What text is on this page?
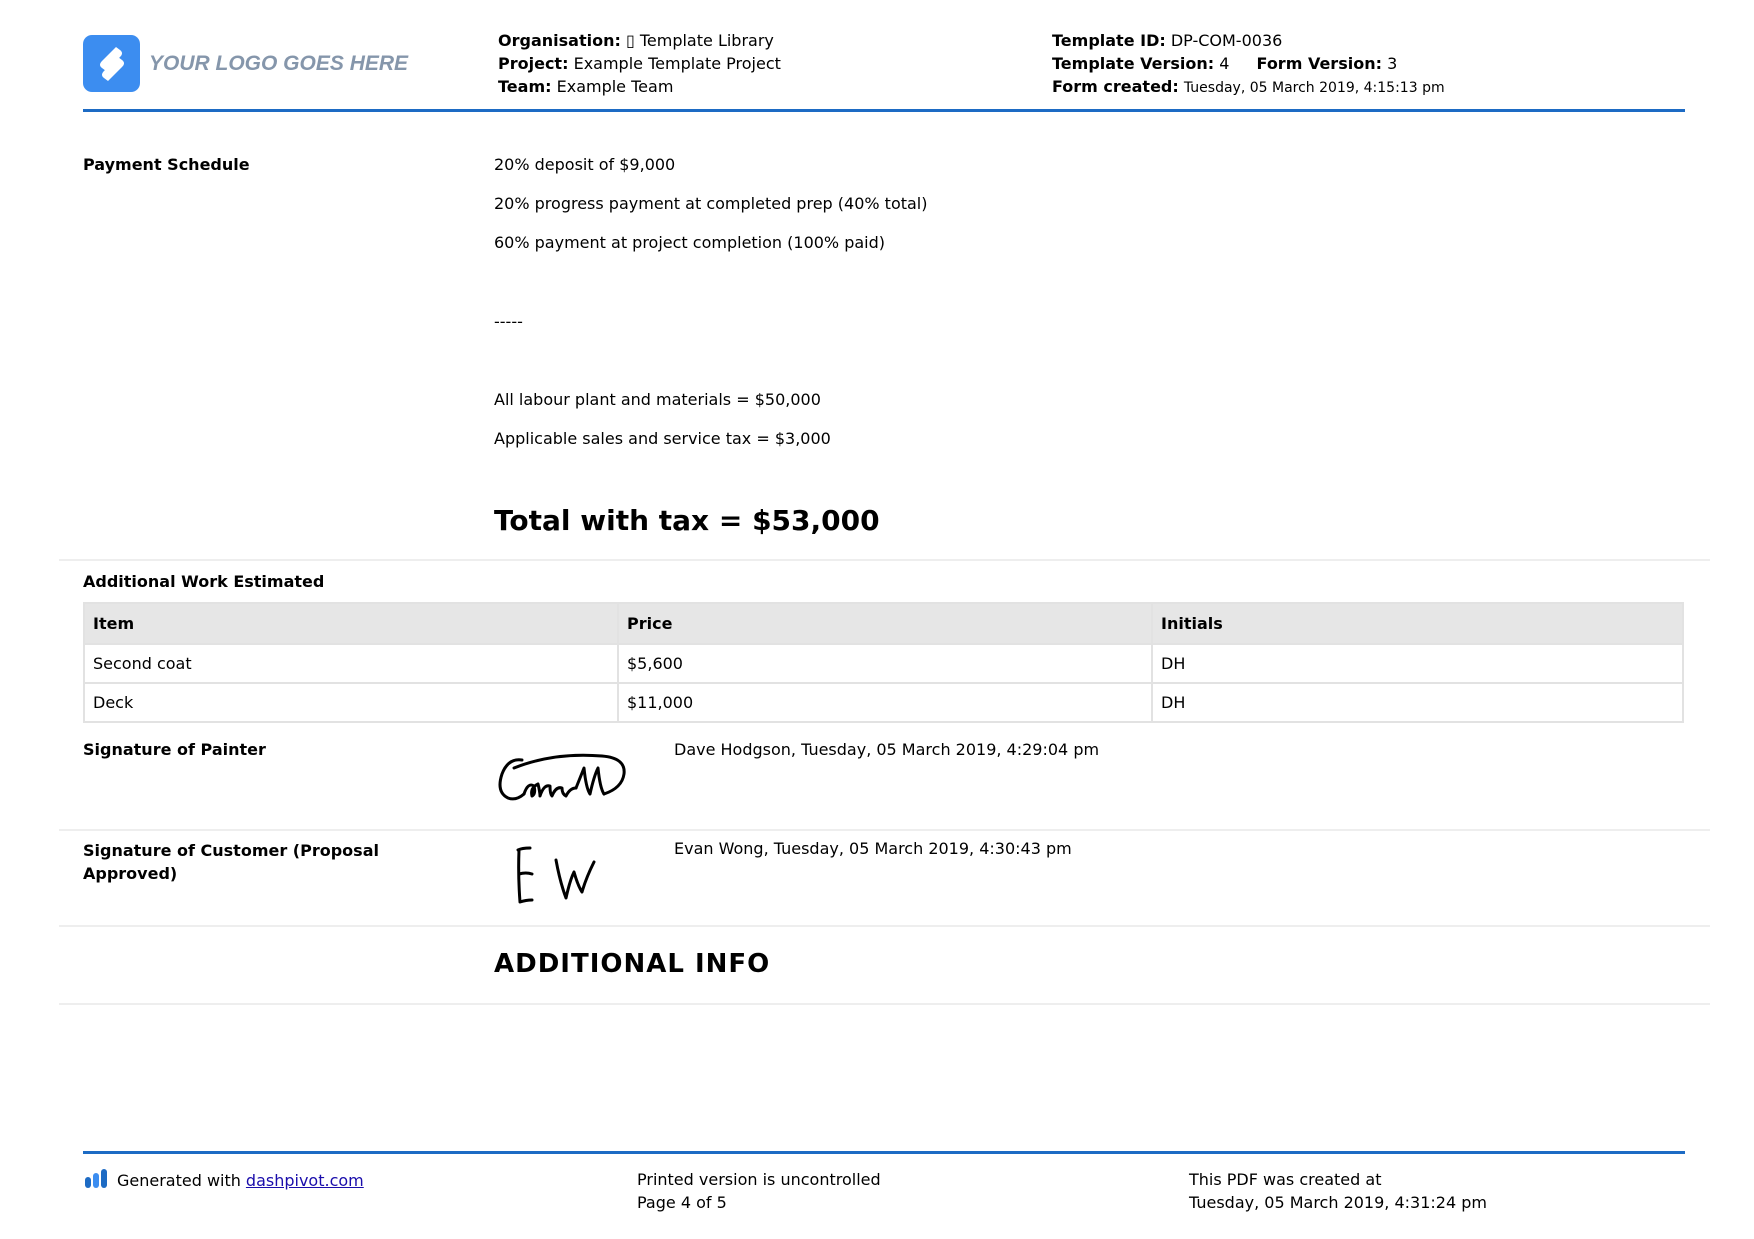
YOUR LOGO GOES HERE
Organisation: ▯ Template Library
Project: Example Template Project
Team: Example Team
Template ID: DP-COM-0036
Template Version: 4 Form Version: 3
Form created: Tuesday, 05 March 2019, 4:15:13 pm
Payment Schedule	20% deposit of $9,000
20% progress payment at completed prep (40% total)
60% payment at project completion (100% paid)
-----
All labour plant and materials = $50,000
Applicable sales and service tax = $3,000
Total with tax = $53,000
Additional Work Estimated
Item	Price	Initials
Second coat	$5,600	DH
Deck	$11,000	DH
Signature of Painter	Dave Hodgson, Tuesday, 05 March 2019, 4:29:04 pm
Signature of Customer (Proposal
Approved)
Evan Wong, Tuesday, 05 March 2019, 4:30:43 pm
ADDITIONAL INFO
Generated with dashpivot.com	Printed version is uncontrolled
Page 4 of 5
This PDF was created at
Tuesday, 05 March 2019, 4:31:24 pm
